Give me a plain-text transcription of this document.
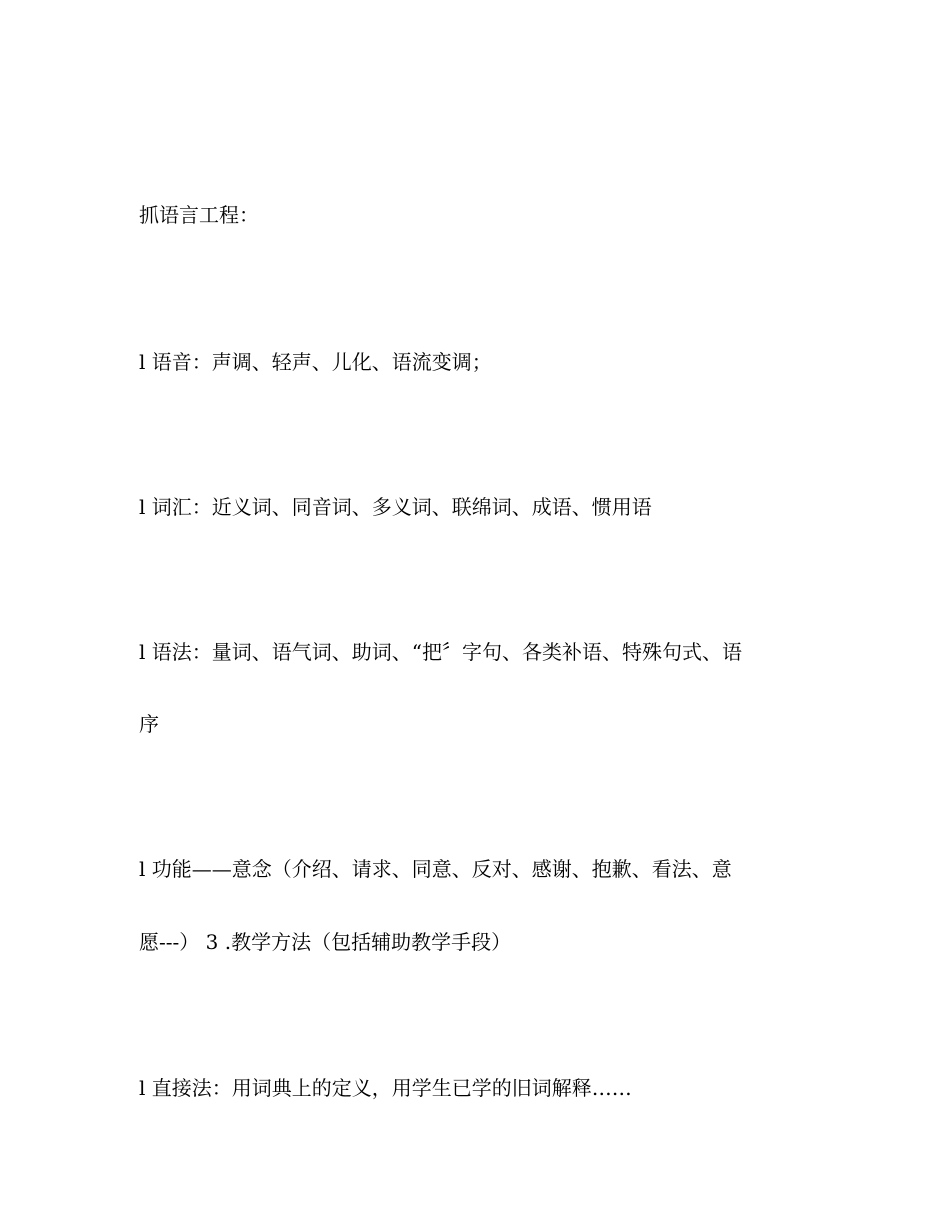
抓语言工程：
l 语音：声调、轻声、儿化、语流变调；
l 词汇：近义词、同音词、多义词、联绵词、成语、惯用语
l 语法：量词、语气词、助词、“把〞字句、各类补语、特殊句式、语
序
l 功能——意念（介绍、请求、同意、反对、感谢、抱歉、看法、意
愿---） 3 .教学方法（包括辅助教学手段）
l 直接法：用词典上的定义，用学生已学的旧词解释……
